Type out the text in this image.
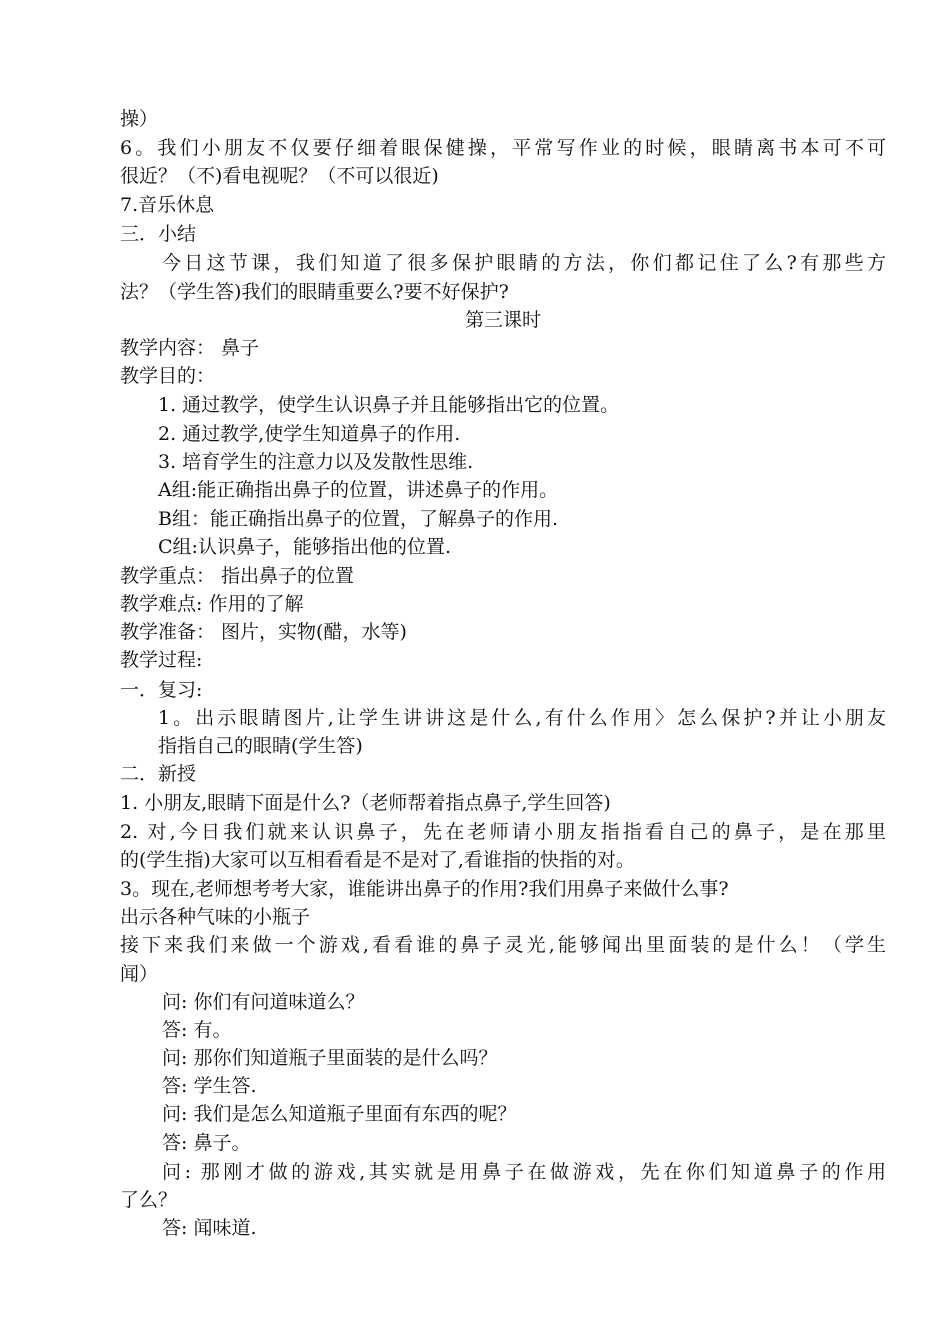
操）
6。我们小朋友不仅要仔细着眼保健操，平常写作业的时候，眼睛离书本可不可
很近？（不)看电视呢？（不可以很近)
7.音乐休息
三．小结
今日这节课，我们知道了很多保护眼睛的方法，你们都记住了么?有那些方
法？（学生答)我们的眼睛重要么?要不好保护?
第三课时
教学内容： 鼻子
教学目的：
1. 通过教学，使学生认识鼻子并且能够指出它的位置。
2. 通过教学,使学生知道鼻子的作用.
3. 培育学生的注意力以及发散性思维.
A组:能正确指出鼻子的位置，讲述鼻子的作用。
B组：能正确指出鼻子的位置，了解鼻子的作用.
C组:认识鼻子，能够指出他的位置.
教学重点： 指出鼻子的位置
教学难点: 作用的了解
教学准备： 图片，实物(醋，水等)
教学过程:
一．复习:
1。出示眼睛图片,让学生讲讲这是什么,有什么作用〉怎么保护?并让小朋友
指指自己的眼睛(学生答)
二．新授
1. 小朋友,眼睛下面是什么?（老师帮着指点鼻子,学生回答)
2. 对,今日我们就来认识鼻子，先在老师请小朋友指指看自己的鼻子，是在那里
的(学生指)大家可以互相看看是不是对了,看谁指的快指的对。
3。现在,老师想考考大家，谁能讲出鼻子的作用?我们用鼻子来做什么事?
出示各种气味的小瓶子
接下来我们来做一个游戏,看看谁的鼻子灵光,能够闻出里面装的是什么！（学生
闻）
问: 你们有问道味道么？
答: 有。
问: 那你们知道瓶子里面装的是什么吗？
答: 学生答.
问: 我们是怎么知道瓶子里面有东西的呢？
答: 鼻子。
问: 那刚才做的游戏,其实就是用鼻子在做游戏，先在你们知道鼻子的作用
了么？
答: 闻味道.
